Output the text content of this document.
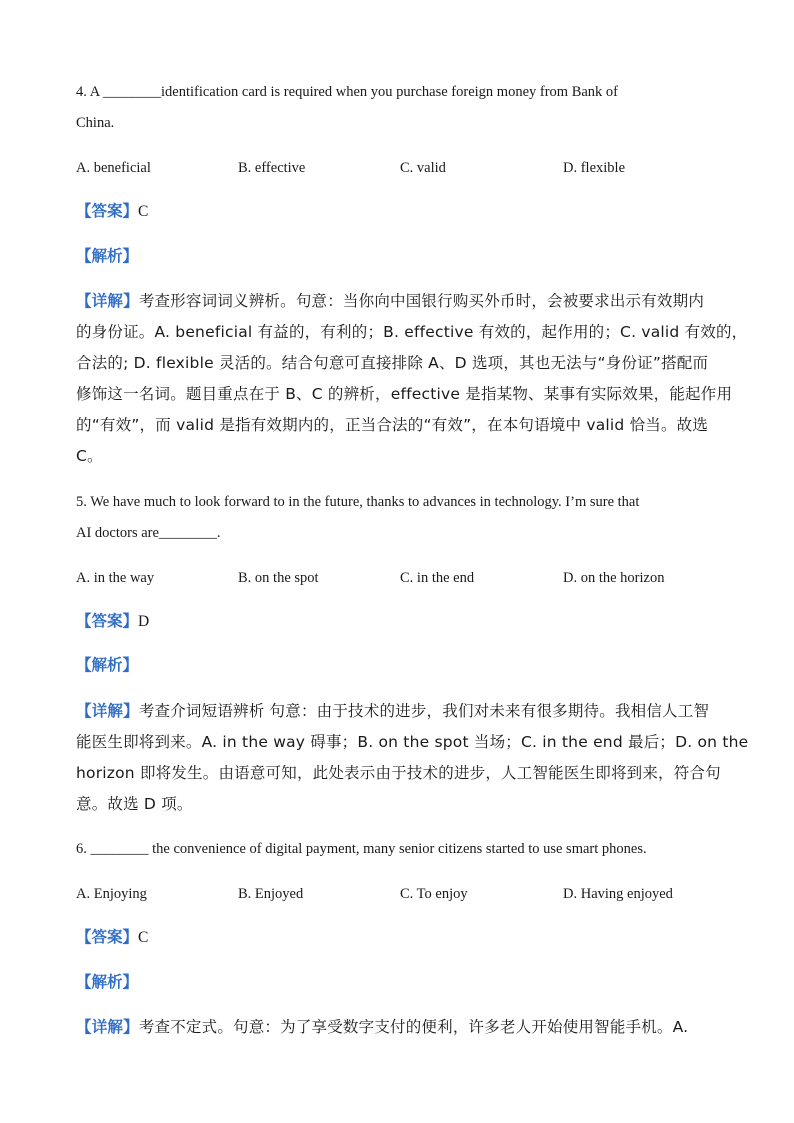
4. A ________identification card is required when you purchase foreign money from Bank of
China.
A. beneficial	B. effective	C. valid	D. flexible
【答案】C
【解析】
【详解】考查形容词词义辨析。句意：当你向中国银行购买外币时，会被要求出示有效期内
的身份证。A. beneficial 有益的，有利的；B. effective 有效的，起作用的；C. valid 有效的，
合法的; D. flexible 灵活的。结合句意可直接排除 A、D 选项，其也无法与“身份证”搭配而
修饰这一名词。题目重点在于 B、C 的辨析，effective 是指某物、某事有实际效果，能起作用
的“有效”，而 valid 是指有效期内的，正当合法的“有效”，在本句语境中 valid 恰当。故选
C。
5. We have much to look forward to in the future, thanks to advances in technology. I’m sure that
AI doctors are________.
A. in the way	B. on the spot	C. in the end	D. on the horizon
【答案】D
【解析】
【详解】考查介词短语辨析 句意：由于技术的进步，我们对未来有很多期待。我相信人工智
能医生即将到来。A. in the way 碍事；B. on the spot 当场；C. in the end 最后；D. on the
horizon 即将发生。由语意可知，此处表示由于技术的进步，人工智能医生即将到来，符合句
意。故选 D 项。
6. ________ the convenience of digital payment, many senior citizens started to use smart phones.
A. Enjoying	B. Enjoyed	C. To enjoy	D. Having enjoyed
【答案】C
【解析】
【详解】考查不定式。句意：为了享受数字支付的便利，许多老人开始使用智能手机。A.
